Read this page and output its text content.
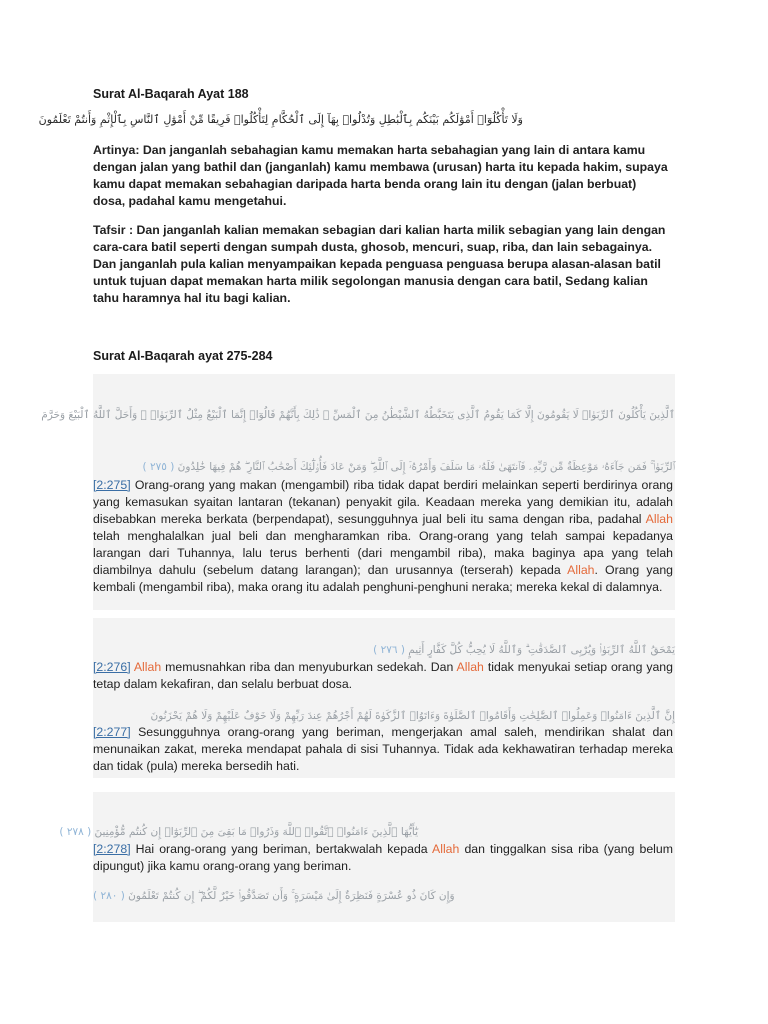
Surat Al-Baqarah Ayat 188
وَلَا تَأْكُلُوٓا۟ أَمْوَٰلَكُم بَيْنَكُم بِٱلْبَٰطِلِ وَتُدْلُوا۟ بِهَآ إِلَى ٱلْحُكَّامِ لِتَأْكُلُوا۟ فَرِيقًا مِّنْ أَمْوَٰلِ ٱلنَّاسِ بِٱلْإِثْمِ وَأَنتُمْ تَعْلَمُونَ
Artinya: Dan janganlah sebahagian kamu memakan harta sebahagian yang lain di antara kamu dengan jalan yang bathil dan (janganlah) kamu membawa (urusan) harta itu kepada hakim, supaya kamu dapat memakan sebahagian daripada harta benda orang lain itu dengan (jalan berbuat) dosa, padahal kamu mengetahui.
Tafsir : Dan janganlah kalian memakan sebagian dari kalian harta milik sebagian yang lain dengan cara-cara batil seperti dengan sumpah dusta, ghosob, mencuri, suap, riba, dan lain sebagainya. Dan janganlah pula kalian menyampaikan kepada penguasa penguasa berupa alasan-alasan batil untuk tujuan dapat memakan harta milik segolongan manusia dengan cara batil, Sedang kalian tahu haramnya hal itu bagi kalian.
Surat Al-Baqarah ayat 275-284
ٱلَّذِينَ يَأْكُلُونَ ٱلرِّبَوٰا۟ لَا يَقُومُونَ إِلَّا كَمَا يَقُومُ ٱلَّذِى يَتَخَبَّطُهُ ٱلشَّيْطَٰنُ مِنَ ٱلْمَسِّ ۚ ذَٰلِكَ بِأَنَّهُمْ قَالُوٓا۟ إِنَّمَا ٱلْبَيْعُ مِثْلُ ٱلرِّبَوٰا۟ ۗ وَأَحَلَّ ٱللَّهُ ٱلْبَيْعَ وَحَرَّمَ
ٱلرِّبَوٰا۟ ۚ فَمَن جَآءَهُۥ مَوْعِظَةٌ مِّن رَّبِّهِۦ فَٱنتَهَىٰ فَلَهُۥ مَا سَلَفَ وَأَمْرُهُۥٓ إِلَى ٱللَّهِ ۖ وَمَنْ عَادَ فَأُو۟لَٰٓئِكَ أَصْحَٰبُ ٱلنَّارِ ۖ هُمْ فِيهَا خَٰلِدُونَ ( ٢٧٥ )
[2:275] Orang-orang yang makan (mengambil) riba tidak dapat berdiri melainkan seperti berdirinya orang yang kemasukan syaitan lantaran (tekanan) penyakit gila. Keadaan mereka yang demikian itu, adalah disebabkan mereka berkata (berpendapat), sesungguhnya jual beli itu sama dengan riba, padahal Allah telah menghalalkan jual beli dan mengharamkan riba. Orang-orang yang telah sampai kepadanya larangan dari Tuhannya, lalu terus berhenti (dari mengambil riba), maka baginya apa yang telah diambilnya dahulu (sebelum datang larangan); dan urusannya (terserah) kepada Allah. Orang yang kembali (mengambil riba), maka orang itu adalah penghuni-penghuni neraka; mereka kekal di dalamnya.
يَمْحَقُ ٱللَّهُ ٱلرِّبَوٰا۟ وَيُرْبِى ٱلصَّدَقَٰتِ ۗ وَٱللَّهُ لَا يُحِبُّ كُلَّ كَفَّارٍ أَثِيمٍ ( ٢٧٦ )
[2:276] Allah memusnahkan riba dan menyuburkan sedekah. Dan Allah tidak menyukai setiap orang yang tetap dalam kekafiran, dan selalu berbuat dosa.
إِنَّ ٱلَّذِينَ ءَامَنُوا۟ وَعَمِلُوا۟ ٱلصَّٰلِحَٰتِ وَأَقَامُوا۟ ٱلصَّلَوٰةَ وَءَاتَوُا۟ ٱلزَّكَوٰةَ لَهُمْ أَجْرُهُمْ عِندَ رَبِّهِمْ وَلَا خَوْفٌ عَلَيْهِمْ وَلَا هُمْ يَحْزَنُونَ
[2:277] Sesungguhnya orang-orang yang beriman, mengerjakan amal saleh, mendirikan shalat dan menunaikan zakat, mereka mendapat pahala di sisi Tuhannya. Tidak ada kekhawatiran terhadap mereka dan tidak (pula) mereka bersedih hati.
يَٰٓأَيُّهَا ٱلَّذِينَ ءَامَنُوا۟ ٱتَّقُوا۟ ٱللَّهَ وَذَرُوا۟ مَا بَقِىَ مِنَ ٱلرِّبَوٰٓا۟ إِن كُنتُم مُّؤْمِنِينَ ( ٢٧٨ )
[2:278] Hai orang-orang yang beriman, bertakwalah kepada Allah dan tinggalkan sisa riba (yang belum dipungut) jika kamu orang-orang yang beriman.
( ٢٨٠ ) وَإِن كَانَ ذُو عُسْرَةٍ فَنَظِرَةٌ إِلَىٰ مَيْسَرَةٍ ۚ وَأَن تَصَدَّقُوا۟ خَيْرٌ لَّكُمْ ۖ إِن كُنتُمْ تَعْلَمُونَ
